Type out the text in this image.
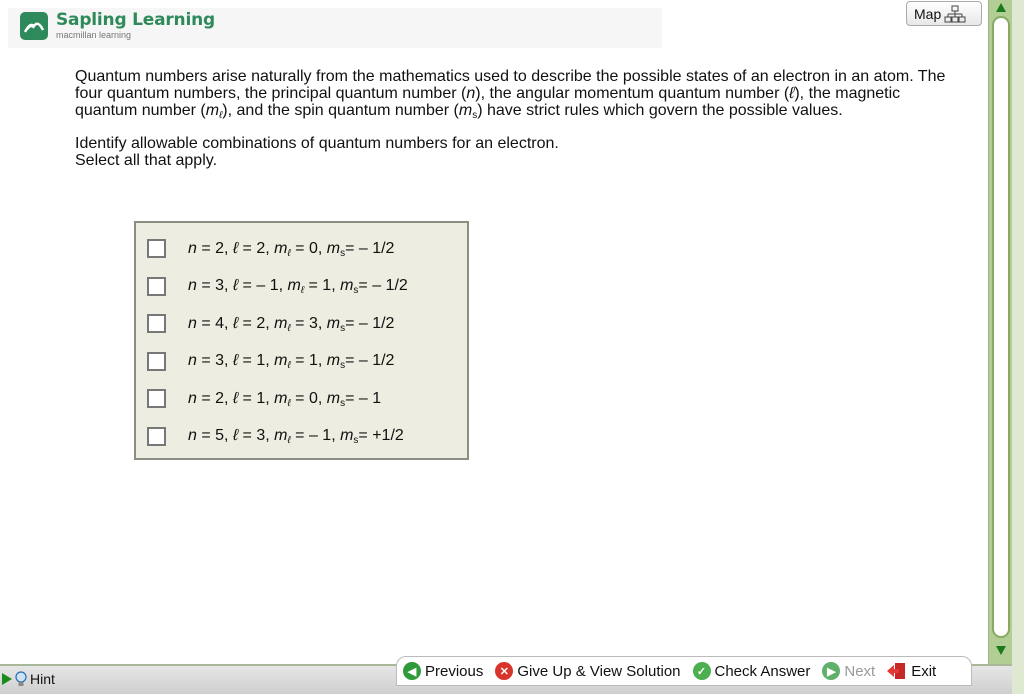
Sapling Learning
macmillan learning
Map

Quantum numbers arise naturally from the mathematics used to describe the possible states of an electron in an atom. The four quantum numbers, the principal quantum number (n), the angular momentum quantum number (ℓ), the magnetic quantum number $(m_\ell)$, and the spin quantum number $(m_s)$ have strict rules which govern the possible values.

Identify allowable combinations of quantum numbers for an electron.

Select all that apply.

n = 2, ℓ = 2, $m_\ell = 0$, $m_s= - 1/2$
n = 3, ℓ = – 1, $m_\ell = 1$, $m_s= - 1/2$
n = 4, ℓ = 2, $m_\ell = 3$, $m_s= - 1/2$
n = 3, ℓ = 1, $m_\ell = 1$, $m_s= - 1/2$
n = 2, ℓ = 1, $m_\ell = 0$, $m_s= - 1$
n = 5, ℓ = 3, $m_\ell$ = – 1, $m_s= +1/2$
Hint	◀ Previous	✕ Give Up & View Solution	✓ Check Answer	▶ Next Exit
